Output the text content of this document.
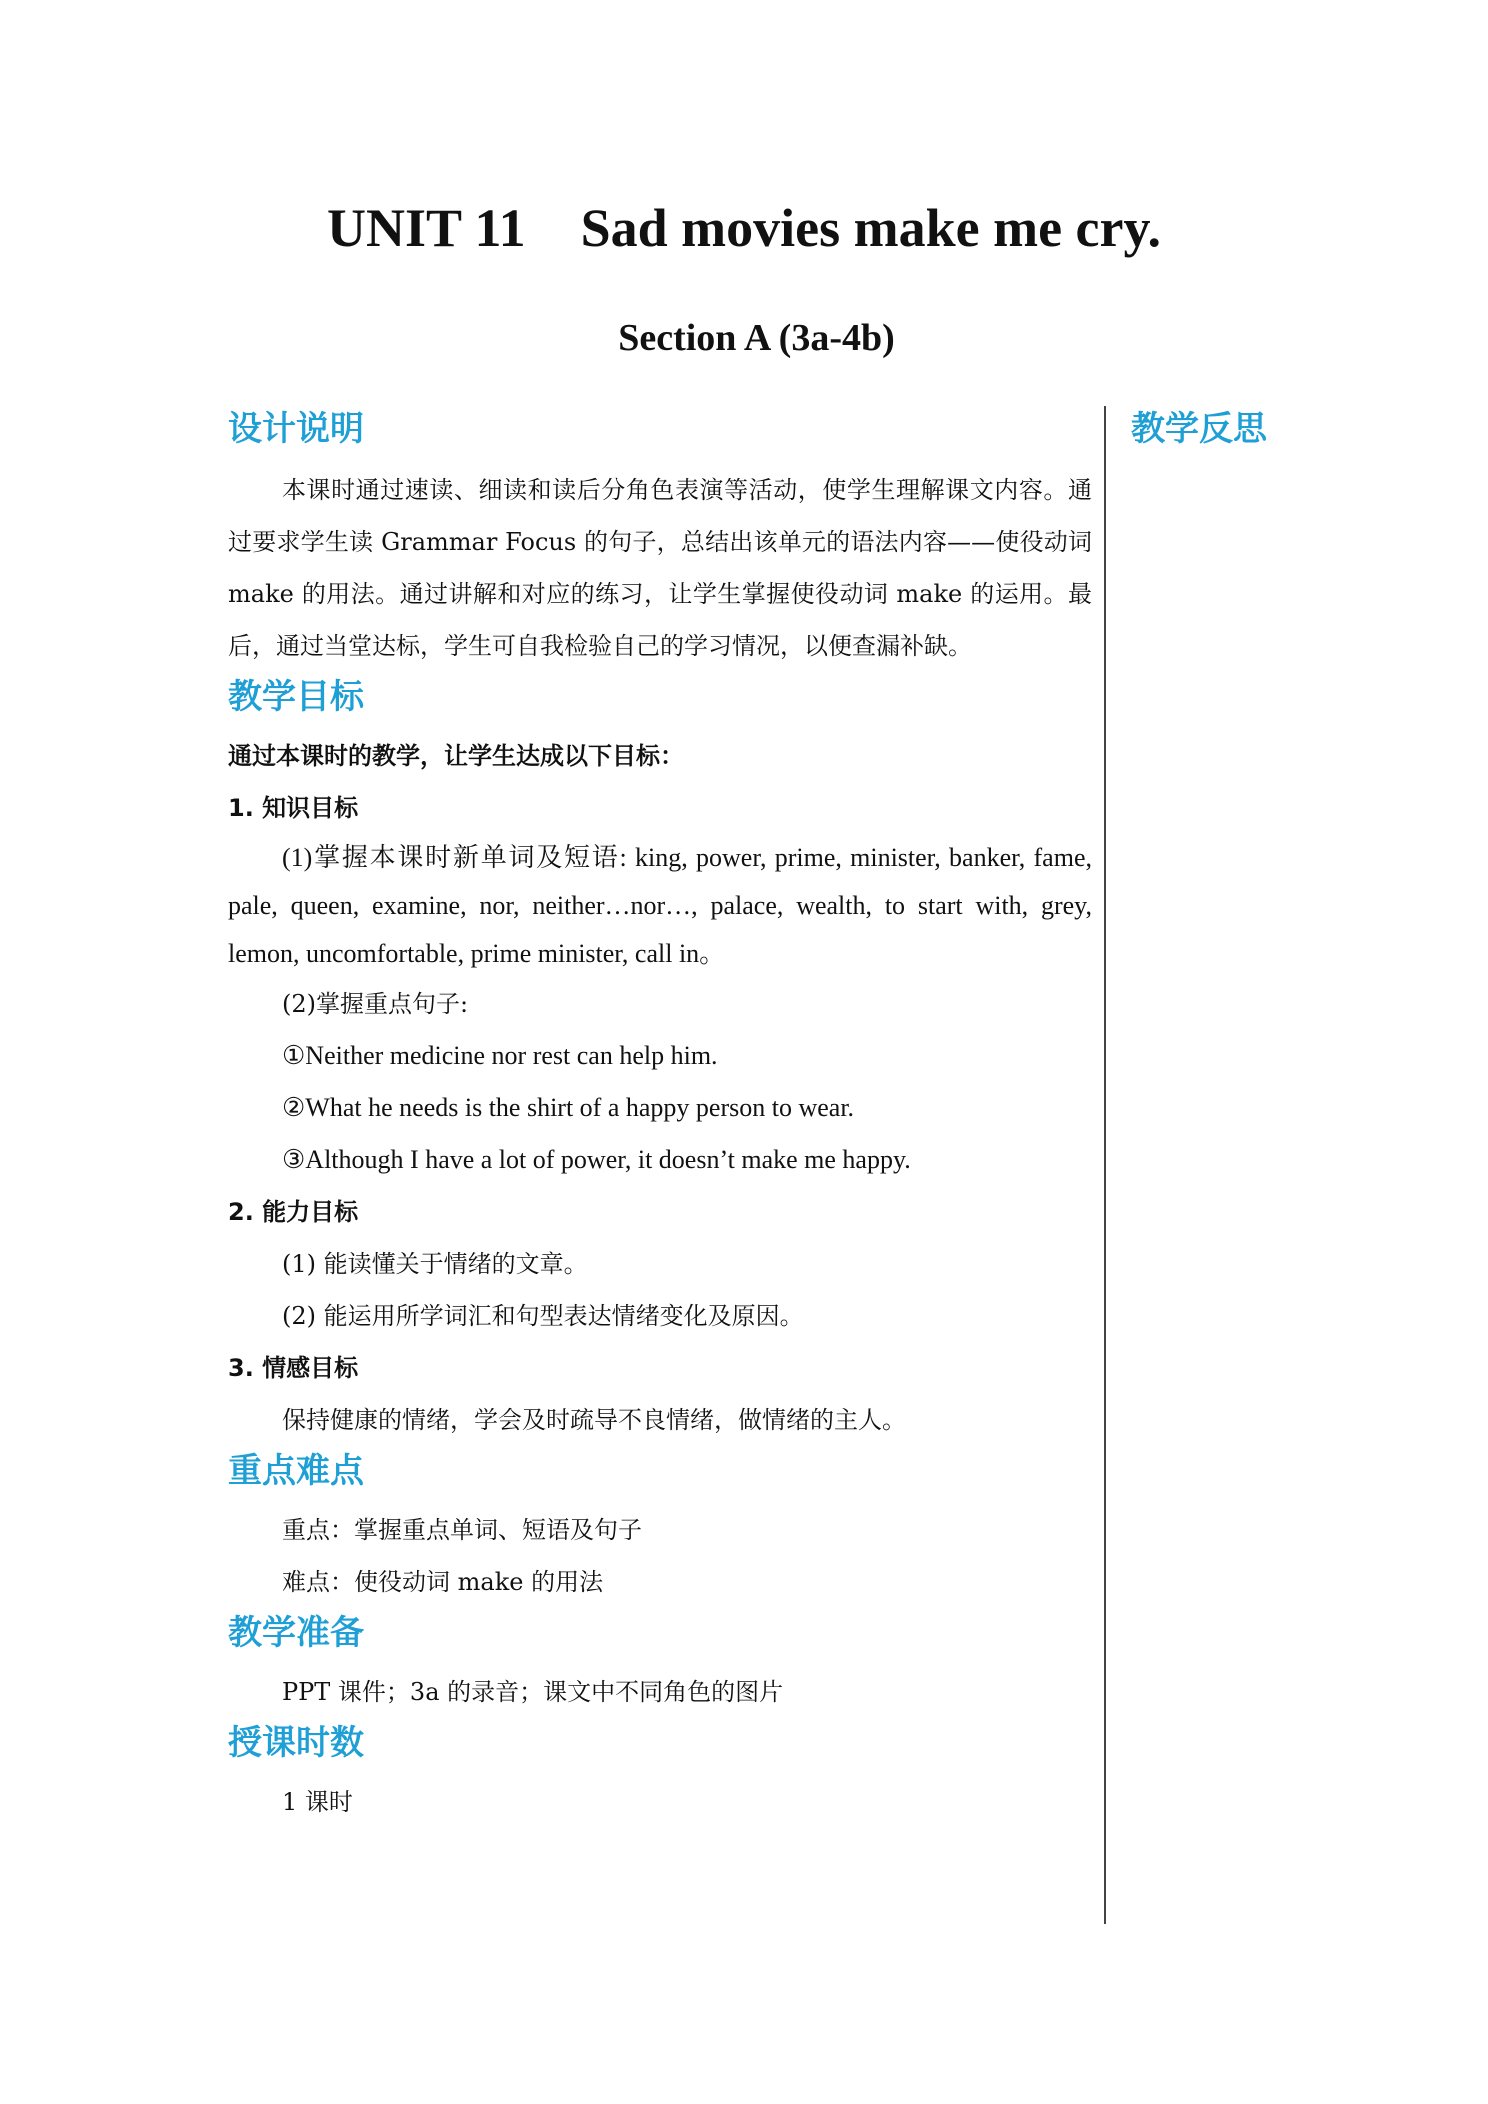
UNIT 11 Sad movies make me cry.
Section A (3a-4b)
教学反思
设计说明

本课时通过速读、细读和读后分角色表演等活动，使学生理解课文内容。通过要求学生读 Grammar Focus 的句子，总结出该单元的语法内容——使役动词 make 的用法。通过讲解和对应的练习，让学生掌握使役动词 make 的运用。最后，通过当堂达标，学生可自我检验自己的学习情况，以便查漏补缺。

教学目标

通过本课时的教学，让学生达成以下目标：

1. 知识目标

(1)掌握本课时新单词及短语: king, power, prime, minister, banker, fame, pale, queen, examine, nor, neither…nor…, palace, wealth, to start with, grey, lemon, uncomfortable, prime minister, call in。

(2)掌握重点句子:

①Neither medicine nor rest can help him.

②What he needs is the shirt of a happy person to wear.

③Although I have a lot of power, it doesn’t make me happy.

2. 能力目标

(1) 能读懂关于情绪的文章。

(2) 能运用所学词汇和句型表达情绪变化及原因。

3. 情感目标

保持健康的情绪，学会及时疏导不良情绪，做情绪的主人。

重点难点

重点：掌握重点单词、短语及句子

难点：使役动词 make 的用法

教学准备

PPT 课件；3a 的录音；课文中不同角色的图片

授课时数

1 课时
